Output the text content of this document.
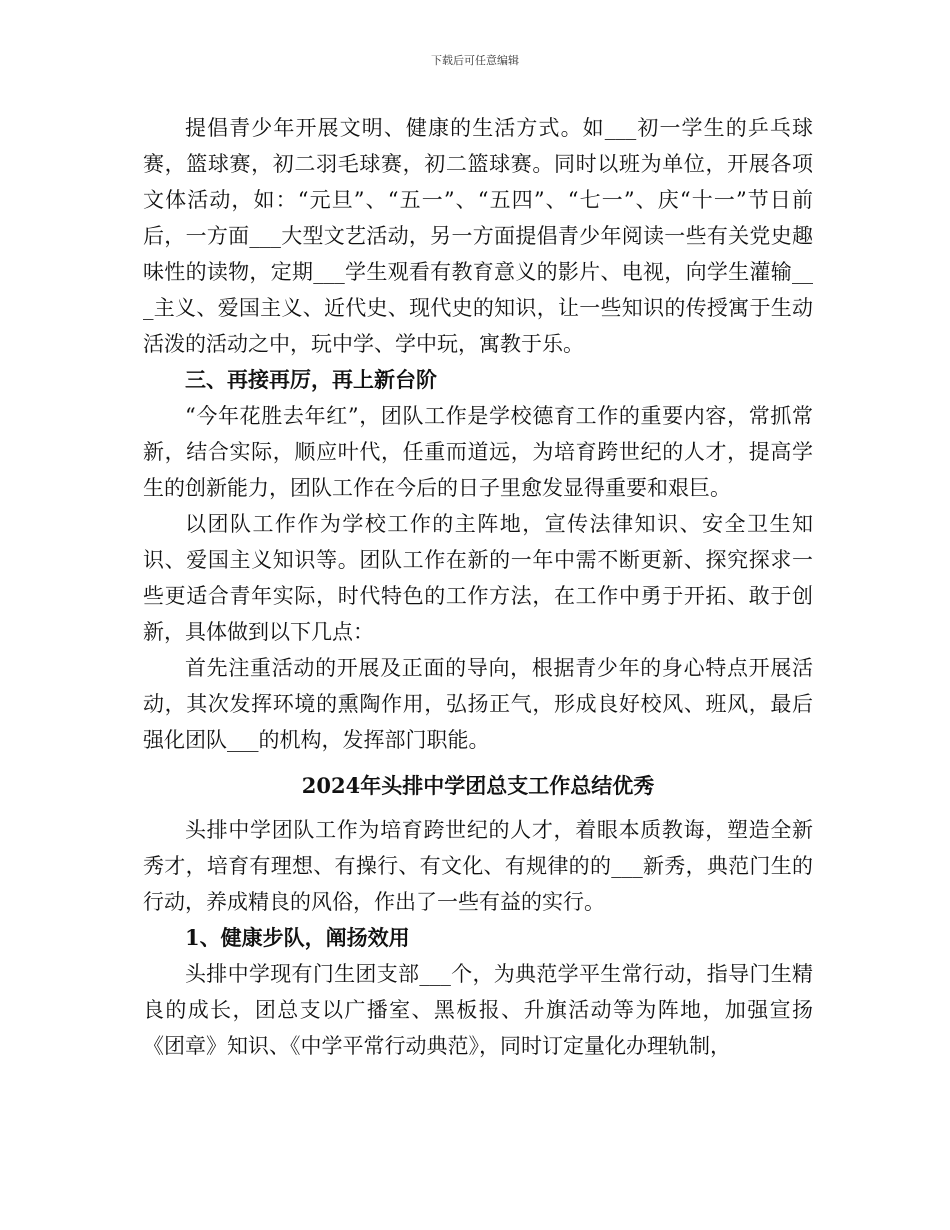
下载后可任意编辑

提倡青少年开展文明、健康的生活方式。如___初一学生的乒乓球赛，篮球赛，初二羽毛球赛，初二篮球赛。同时以班为单位，开展各项文体活动，如：“元旦”、“五一”、“五四”、“七一”、庆“十一”节日前后，一方面___大型文艺活动，另一方面提倡青少年阅读一些有关党史趣味性的读物，定期___学生观看有教育意义的影片、电视，向学生灌输___主义、爱国主义、近代史、现代史的知识，让一些知识的传授寓于生动活泼的活动之中，玩中学、学中玩，寓教于乐。

三、再接再厉，再上新台阶

“今年花胜去年红”，团队工作是学校德育工作的重要内容，常抓常新，结合实际，顺应叶代，任重而道远，为培育跨世纪的人才，提高学生的创新能力，团队工作在今后的日子里愈发显得重要和艰巨。

以团队工作作为学校工作的主阵地，宣传法律知识、安全卫生知识、爱国主义知识等。团队工作在新的一年中需不断更新、探究探求一些更适合青年实际，时代特色的工作方法，在工作中勇于开拓、敢于创新，具体做到以下几点：

首先注重活动的开展及正面的导向，根据青少年的身心特点开展活动，其次发挥环境的熏陶作用，弘扬正气，形成良好校风、班风，最后强化团队___的机构，发挥部门职能。

2024年头排中学团总支工作总结优秀

头排中学团队工作为培育跨世纪的人才，着眼本质教诲，塑造全新秀才，培育有理想、有操行、有文化、有规律的的___新秀，典范门生的行动，养成精良的风俗，作出了一些有益的实行。

1、健康步队，阐扬效用

头排中学现有门生团支部___个，为典范学平生常行动，指导门生精良的成长，团总支以广播室、黑板报、升旗活动等为阵地，加强宣扬《团章》知识、《中学平常行动典范》，同时订定量化办理轨制，
